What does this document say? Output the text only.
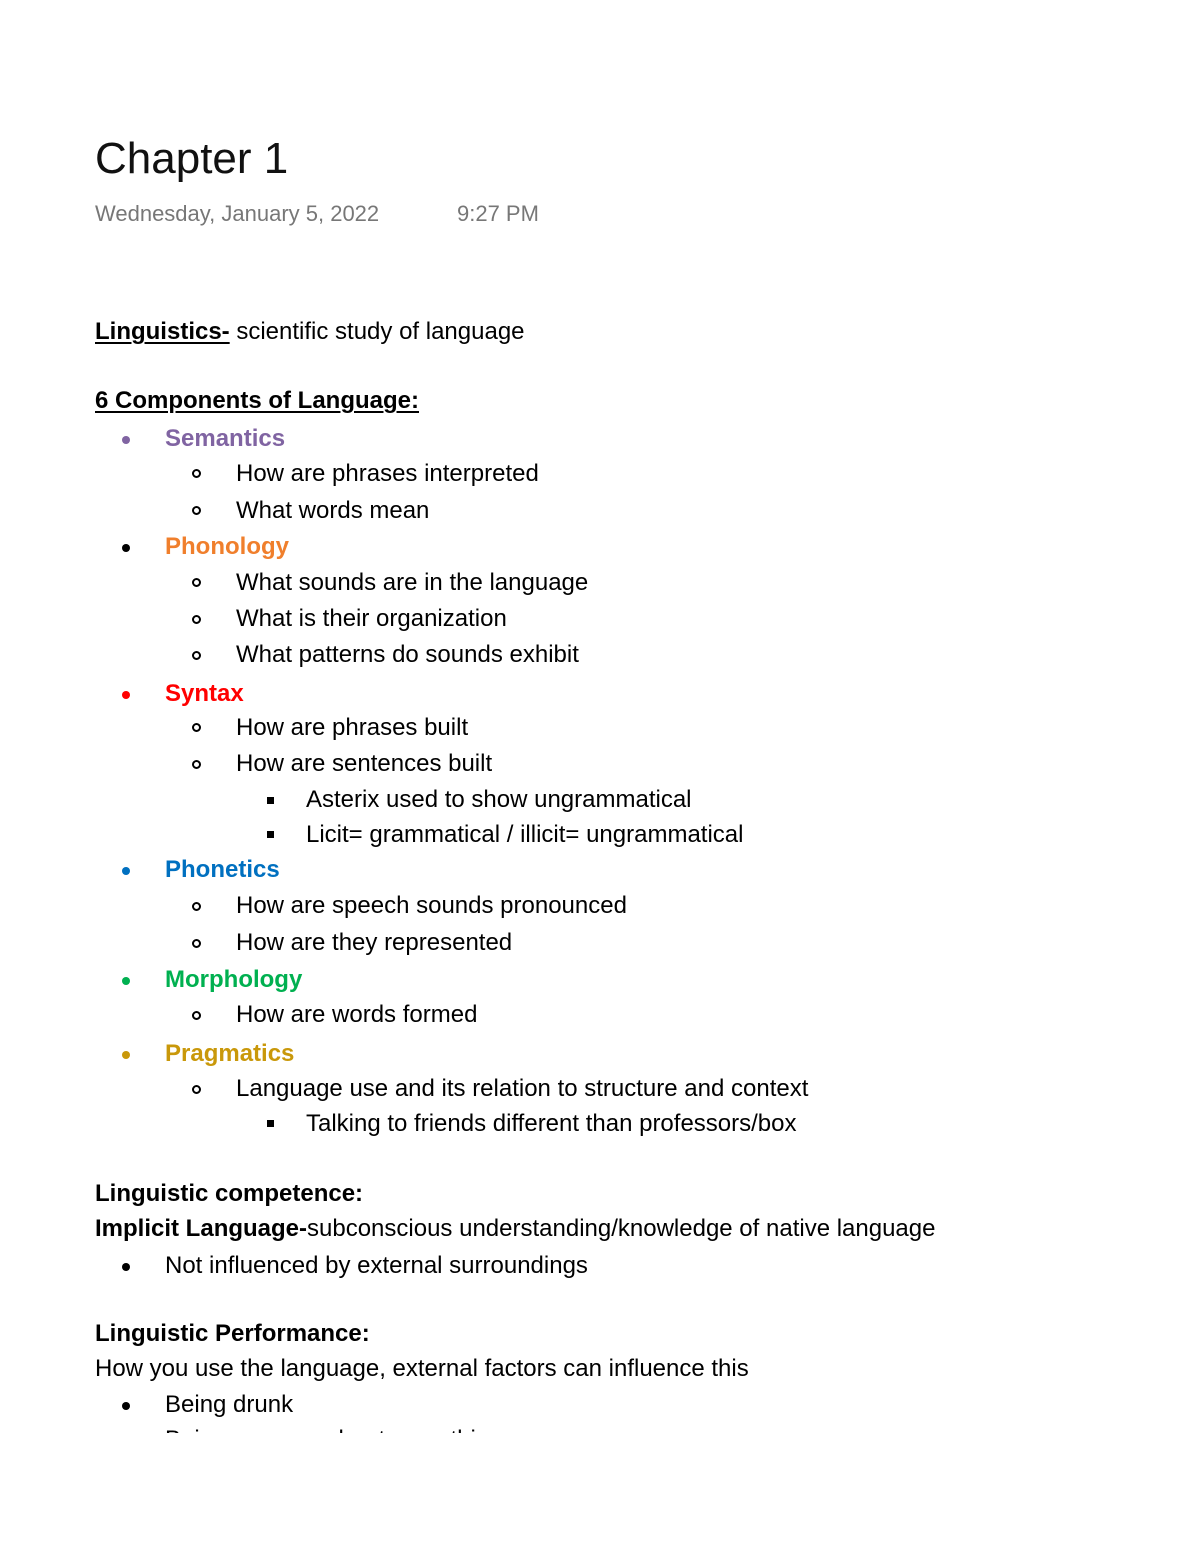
Chapter 1
Wednesday, January 5, 2022	9:27 PM
Linguistics- scientific study of language
6 Components of Language:
Semantics
How are phrases interpreted
What words mean
Phonology
What sounds are in the language
What is their organization
What patterns do sounds exhibit
Syntax
How are phrases built
How are sentences built
Asterix used to show ungrammatical
Licit= grammatical / illicit= ungrammatical
Phonetics
How are speech sounds pronounced
How are they represented
Morphology
How are words formed
Pragmatics
Language use and its relation to structure and context
Talking to friends different than professors/box
Linguistic competence:
Implicit Language-subconscious understanding/knowledge of native language
Not influenced by external surroundings
Linguistic Performance:
How you use the language, external factors can influence this
Being drunk
